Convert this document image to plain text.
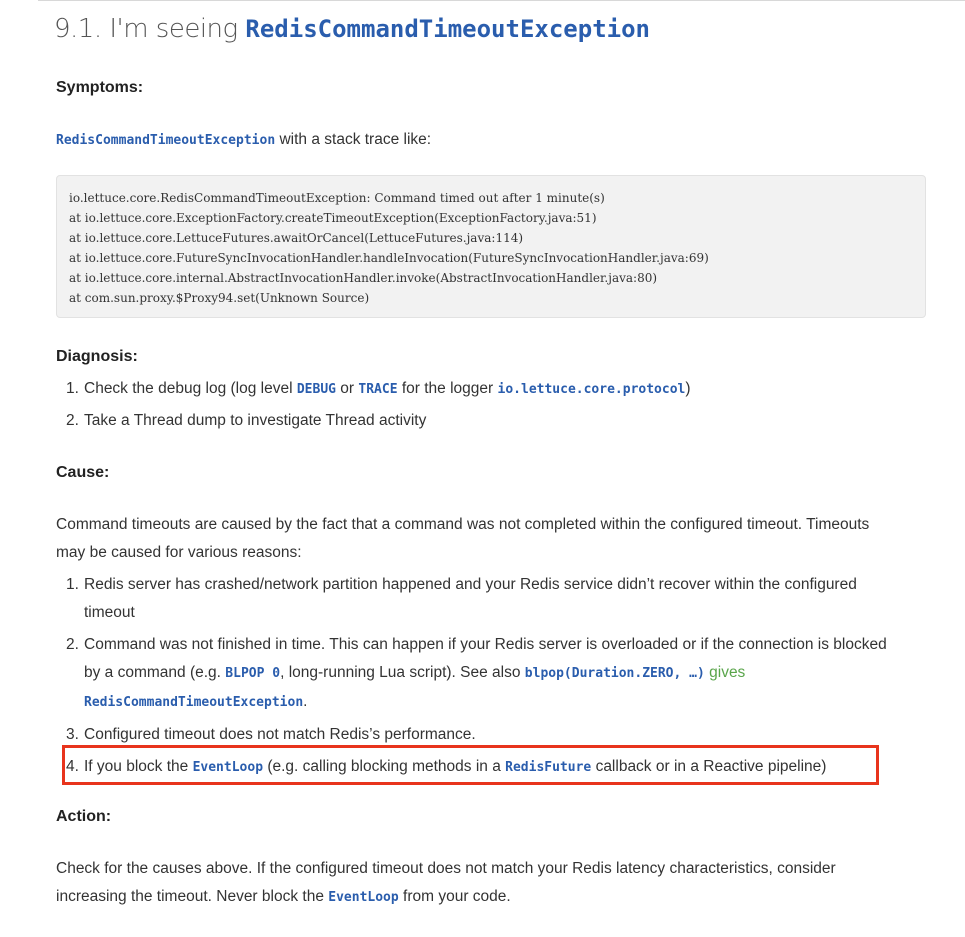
9.1. I'm seeing RedisCommandTimeoutException
Symptoms:
RedisCommandTimeoutException with a stack trace like:
io.lettuce.core.RedisCommandTimeoutException: Command timed out after 1 minute(s)
at io.lettuce.core.ExceptionFactory.createTimeoutException(ExceptionFactory.java:51)
at io.lettuce.core.LettuceFutures.awaitOrCancel(LettuceFutures.java:114)
at io.lettuce.core.FutureSyncInvocationHandler.handleInvocation(FutureSyncInvocationHandler.java:69)
at io.lettuce.core.internal.AbstractInvocationHandler.invoke(AbstractInvocationHandler.java:80)
at com.sun.proxy.$Proxy94.set(Unknown Source)
Diagnosis:
1. Check the debug log (log level DEBUG or TRACE for the logger io.lettuce.core.protocol)
2. Take a Thread dump to investigate Thread activity
Cause:
Command timeouts are caused by the fact that a command was not completed within the configured timeout. Timeouts
may be caused for various reasons:
1. Redis server has crashed/network partition happened and your Redis service didn’t recover within the configured
timeout
2. Command was not finished in time. This can happen if your Redis server is overloaded or if the connection is blocked
by a command (e.g. BLPOP 0, long-running Lua script). See also blpop(Duration.ZERO, …) gives
RedisCommandTimeoutException.
3. Configured timeout does not match Redis’s performance.
4. If you block the EventLoop (e.g. calling blocking methods in a RedisFuture callback or in a Reactive pipeline)
Action:
Check for the causes above. If the configured timeout does not match your Redis latency characteristics, consider
increasing the timeout. Never block the EventLoop from your code.
